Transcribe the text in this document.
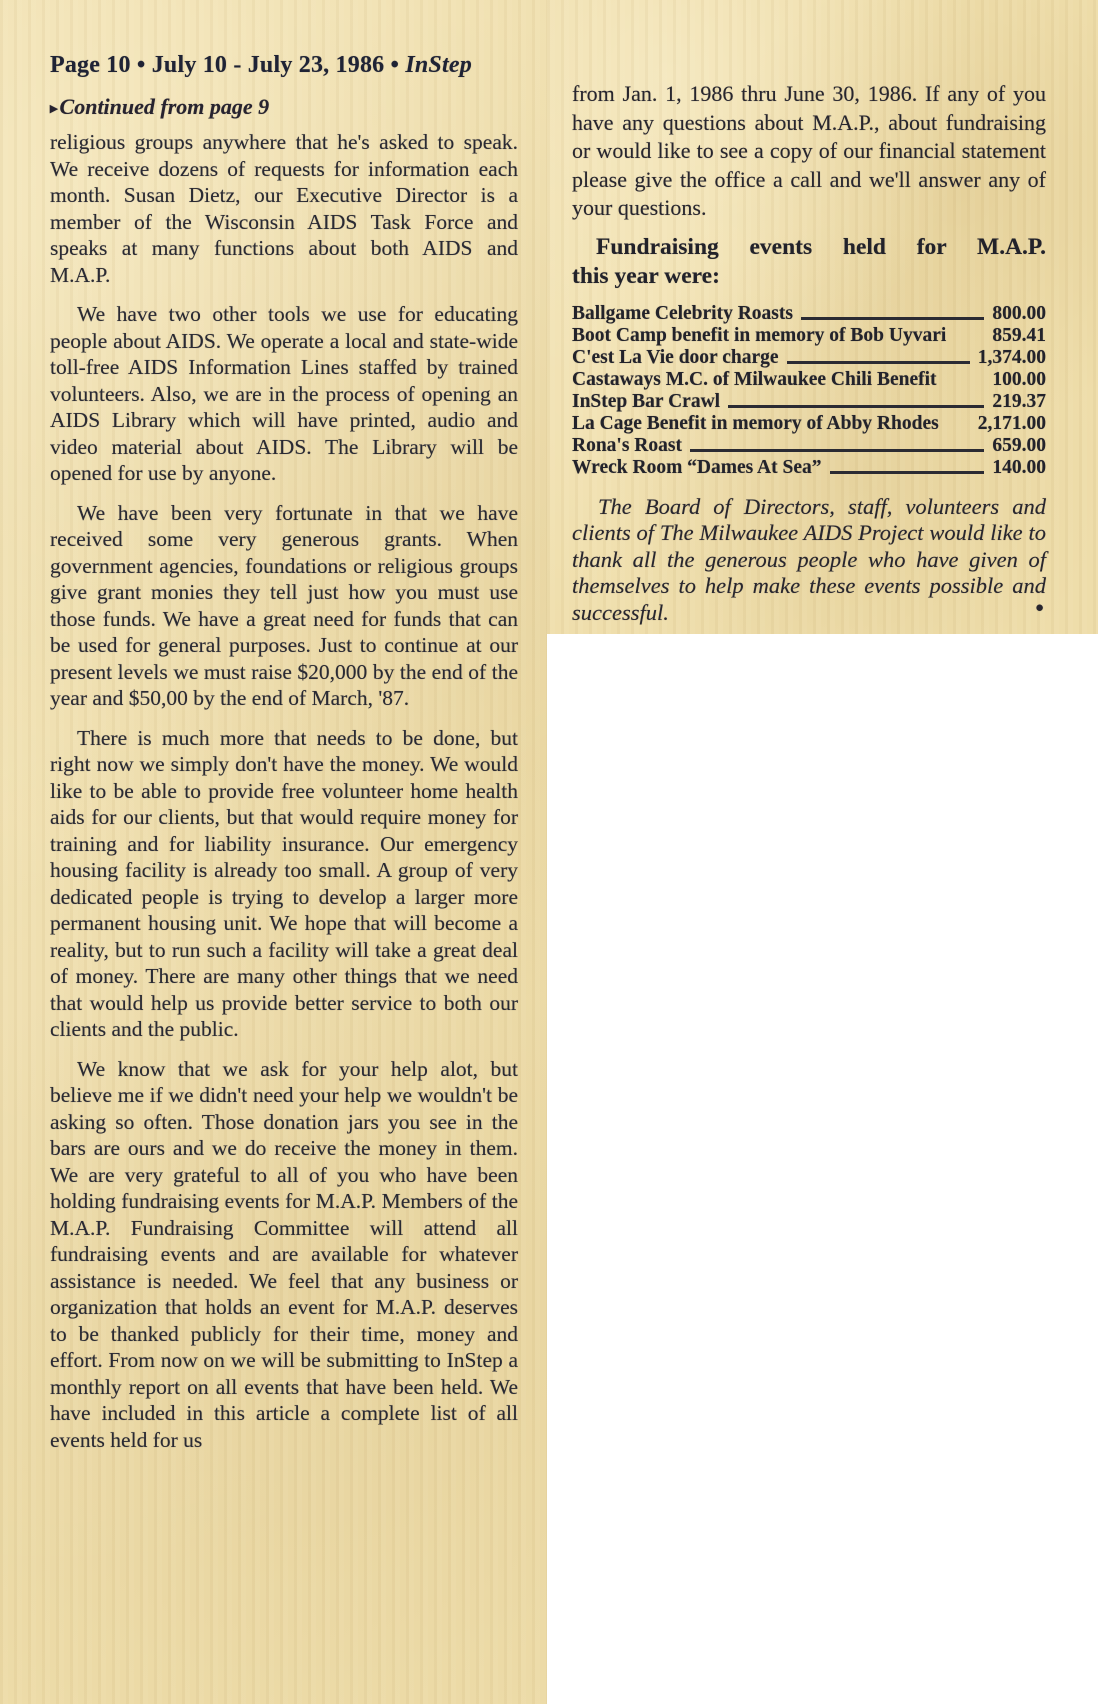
Page 10 • July 10 - July 23, 1986 • InStep
▸Continued from page 9

religious groups anywhere that he's asked to speak. We receive dozens of requests for information each month. Susan Dietz, our Executive Director is a member of the Wisconsin AIDS Task Force and speaks at many functions about both AIDS and M.A.P.

We have two other tools we use for educating people about AIDS. We operate a local and state-wide toll-free AIDS Information Lines staffed by trained volunteers. Also, we are in the process of opening an AIDS Library which will have printed, audio and video material about AIDS. The Library will be opened for use by anyone.

We have been very fortunate in that we have received some very generous grants. When government agencies, foundations or religious groups give grant monies they tell just how you must use those funds. We have a great need for funds that can be used for general purposes. Just to continue at our present levels we must raise $20,000 by the end of the year and $50,00 by the end of March, '87.

There is much more that needs to be done, but right now we simply don't have the money. We would like to be able to provide free volunteer home health aids for our clients, but that would require money for training and for liability insurance. Our emergency housing facility is already too small. A group of very dedicated people is trying to develop a larger more permanent housing unit. We hope that will become a reality, but to run such a facility will take a great deal of money. There are many other things that we need that would help us provide better service to both our clients and the public.

We know that we ask for your help alot, but believe me if we didn't need your help we wouldn't be asking so often. Those donation jars you see in the bars are ours and we do receive the money in them. We are very grateful to all of you who have been holding fundraising events for M.A.P. Members of the M.A.P. Fundraising Committee will attend all fundraising events and are available for whatever assistance is needed. We feel that any business or organization that holds an event for M.A.P. deserves to be thanked publicly for their time, money and effort. From now on we will be submitting to InStep a monthly report on all events that have been held. We have included in this article a complete list of all events held for us

from Jan. 1, 1986 thru June 30, 1986. If any of you have any questions about M.A.P., about fundraising or would like to see a copy of our financial statement please give the office a call and we'll answer any of your questions.

Fundraising events held for M.A.P.
this year were:
Ballgame Celebrity Roasts	800.00
Boot Camp benefit in memory of Bob Uyvari 859.41
C'est La Vie door charge	1,374.00
Castaways M.C. of Milwaukee Chili Benefit	100.00
InStep Bar Crawl	219.37
La Cage Benefit in memory of Abby Rhodes 2,171.00
Rona's Roast	659.00
Wreck Room “Dames At Sea”	140.00

The Board of Directors, staff, volunteers and clients of The Milwaukee AIDS Project would like to thank all the generous people who have given of themselves to help make these events possible and successful.	●
